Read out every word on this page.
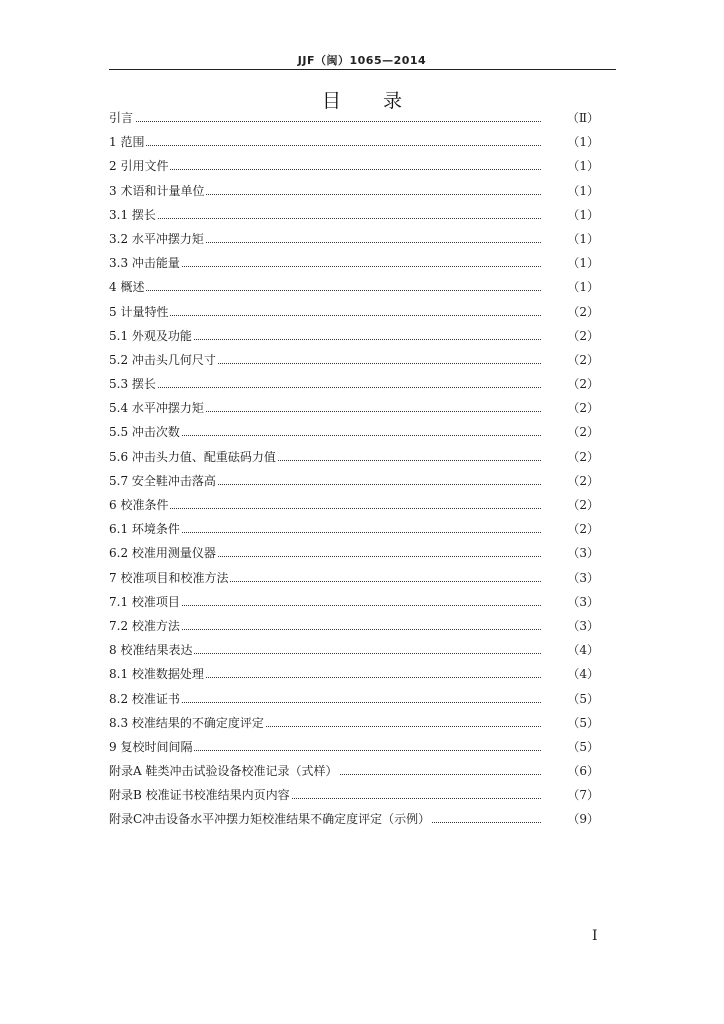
JJF（闽）1065—2014
目 录
引言	（Ⅱ）
1 范围	（1）
2 引用文件	（1）
3 术语和计量单位	（1）
3.1 摆长	（1）
3.2 水平冲摆力矩	（1）
3.3 冲击能量	（1）
4 概述	（1）
5 计量特性	（2）
5.1 外观及功能	（2）
5.2 冲击头几何尺寸	（2）
5.3 摆长	（2）
5.4 水平冲摆力矩	（2）
5.5 冲击次数	（2）
5.6 冲击头力值、配重砝码力值	（2）
5.7 安全鞋冲击落高	（2）
6 校准条件	（2）
6.1 环境条件	（2）
6.2 校准用测量仪器	（3）
7 校准项目和校准方法	（3）
7.1 校准项目	（3）
7.2 校准方法	（3）
8 校准结果表达	（4）
8.1 校准数据处理	（4）
8.2 校准证书	（5）
8.3 校准结果的不确定度评定	（5）
9 复校时间间隔	（5）
附录A 鞋类冲击试验设备校准记录（式样）	（6）
附录B 校准证书校准结果内页内容	（7）
附录C冲击设备水平冲摆力矩校准结果不确定度评定（示例）	（9）
I
